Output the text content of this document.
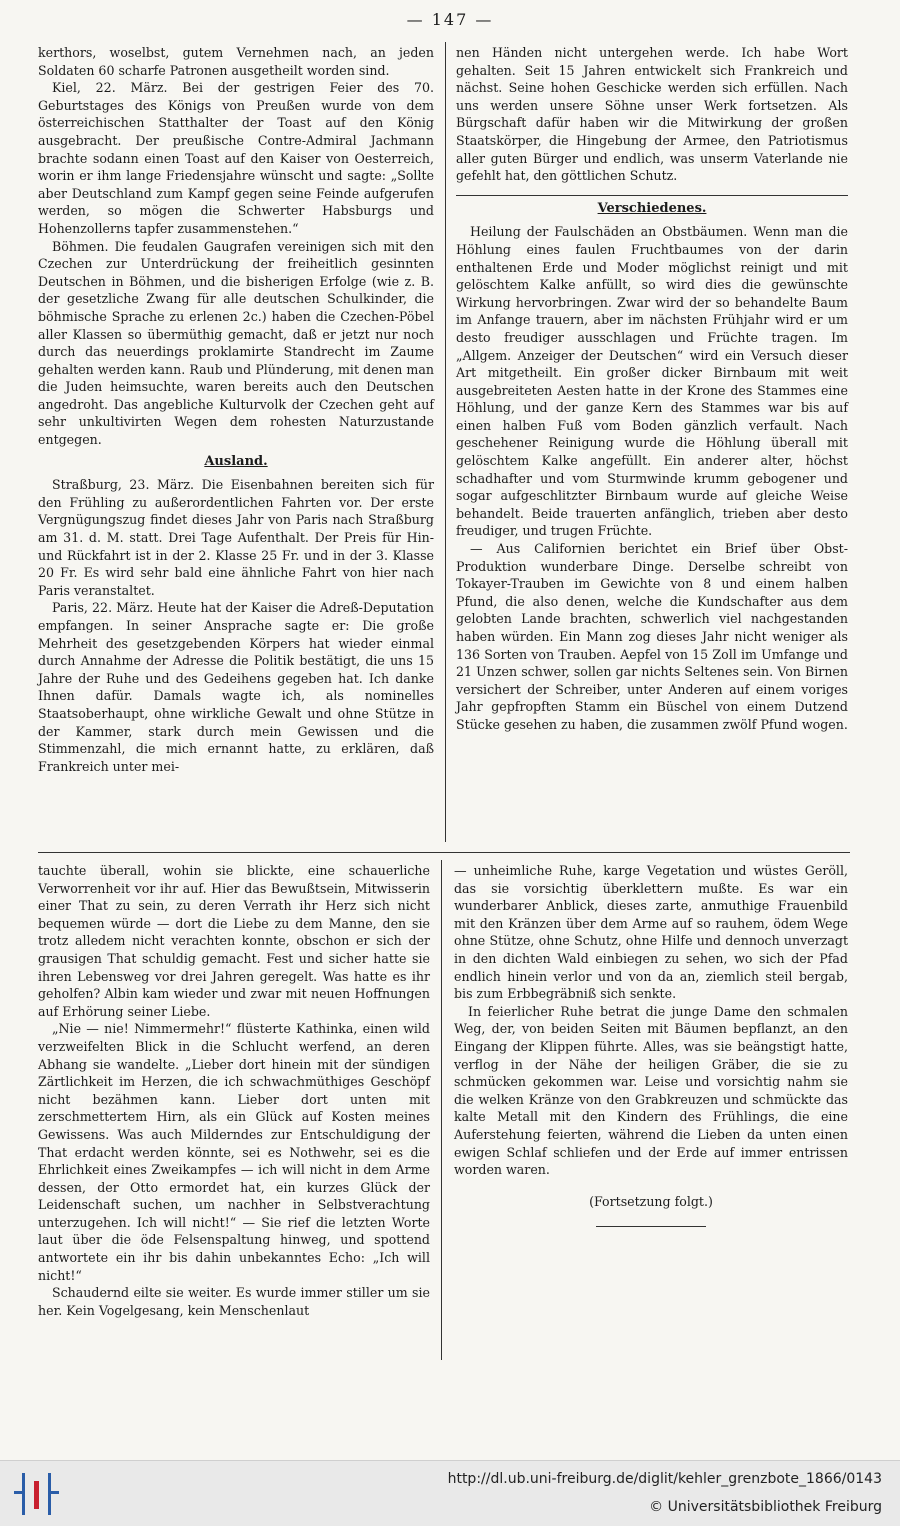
— 147 —

kerthors, woselbst, gutem Vernehmen nach, an jeden Soldaten 60 scharfe Patronen ausgetheilt worden sind.

Kiel, 22. März. Bei der gestrigen Feier des 70. Geburtstages des Königs von Preußen wurde von dem österreichischen Statthalter der Toast auf den König ausgebracht. Der preußische Contre-Admiral Jachmann brachte sodann einen Toast auf den Kaiser von Oesterreich, worin er ihm lange Friedensjahre wünscht und sagte: „Sollte aber Deutschland zum Kampf gegen seine Feinde aufgerufen werden, so mögen die Schwerter Habsburgs und Hohenzollerns tapfer zusammenstehen.“

Böhmen. Die feudalen Gaugrafen vereinigen sich mit den Czechen zur Unterdrückung der freiheitlich gesinnten Deutschen in Böhmen, und die bisherigen Erfolge (wie z. B. der gesetzliche Zwang für alle deutschen Schulkinder, die böhmische Sprache zu erlenen 2c.) haben die Czechen-Pöbel aller Klassen so übermüthig gemacht, daß er jetzt nur noch durch das neuerdings proklamirte Standrecht im Zaume gehalten werden kann. Raub und Plünderung, mit denen man die Juden heimsuchte, waren bereits auch den Deutschen angedroht. Das angebliche Kulturvolk der Czechen geht auf sehr unkultivirten Wegen dem rohesten Naturzustande entgegen.

Ausland.

Straßburg, 23. März. Die Eisenbahnen bereiten sich für den Frühling zu außerordentlichen Fahrten vor. Der erste Vergnügungszug findet dieses Jahr von Paris nach Straßburg am 31. d. M. statt. Drei Tage Aufenthalt. Der Preis für Hin- und Rückfahrt ist in der 2. Klasse 25 Fr. und in der 3. Klasse 20 Fr. Es wird sehr bald eine ähnliche Fahrt von hier nach Paris veranstaltet.

Paris, 22. März. Heute hat der Kaiser die Adreß-Deputation empfangen. In seiner Ansprache sagte er: Die große Mehrheit des gesetzgebenden Körpers hat wieder einmal durch Annahme der Adresse die Politik bestätigt, die uns 15 Jahre der Ruhe und des Gedeihens gegeben hat. Ich danke Ihnen dafür. Damals wagte ich, als nominelles Staatsoberhaupt, ohne wirkliche Gewalt und ohne Stütze in der Kammer, stark durch mein Gewissen und die Stimmenzahl, die mich ernannt hatte, zu erklären, daß Frankreich unter mei-

nen Händen nicht untergehen werde. Ich habe Wort gehalten. Seit 15 Jahren entwickelt sich Frankreich und nächst. Seine hohen Geschicke werden sich erfüllen. Nach uns werden unsere Söhne unser Werk fortsetzen. Als Bürgschaft dafür haben wir die Mitwirkung der großen Staatskörper, die Hingebung der Armee, den Patriotismus aller guten Bürger und endlich, was unserm Vaterlande nie gefehlt hat, den göttlichen Schutz.

Verschiedenes.

Heilung der Faulschäden an Obstbäumen. Wenn man die Höhlung eines faulen Fruchtbaumes von der darin enthaltenen Erde und Moder möglichst reinigt und mit gelöschtem Kalke anfüllt, so wird dies die gewünschte Wirkung hervorbringen. Zwar wird der so behandelte Baum im Anfange trauern, aber im nächsten Frühjahr wird er um desto freudiger ausschlagen und Früchte tragen. Im „Allgem. Anzeiger der Deutschen“ wird ein Versuch dieser Art mitgetheilt. Ein großer dicker Birnbaum mit weit ausgebreiteten Aesten hatte in der Krone des Stammes eine Höhlung, und der ganze Kern des Stammes war bis auf einen halben Fuß vom Boden gänzlich verfault. Nach geschehener Reinigung wurde die Höhlung überall mit gelöschtem Kalke angefüllt. Ein anderer alter, höchst schadhafter und vom Sturmwinde krumm gebogener und sogar aufgeschlitzter Birnbaum wurde auf gleiche Weise behandelt. Beide trauerten anfänglich, trieben aber desto freudiger, und trugen Früchte.

— Aus Californien berichtet ein Brief über Obst-Produktion wunderbare Dinge. Derselbe schreibt von Tokayer-Trauben im Gewichte von 8 und einem halben Pfund, die also denen, welche die Kundschafter aus dem gelobten Lande brachten, schwerlich viel nachgestanden haben würden. Ein Mann zog dieses Jahr nicht weniger als 136 Sorten von Trauben. Aepfel von 15 Zoll im Umfange und 21 Unzen schwer, sollen gar nichts Seltenes sein. Von Birnen versichert der Schreiber, unter Anderen auf einem voriges Jahr gepfropften Stamm ein Büschel von einem Dutzend Stücke gesehen zu haben, die zusammen zwölf Pfund wogen.

tauchte überall, wohin sie blickte, eine schauerliche Verworrenheit vor ihr auf. Hier das Bewußtsein, Mitwisserin einer That zu sein, zu deren Verrath ihr Herz sich nicht bequemen würde — dort die Liebe zu dem Manne, den sie trotz alledem nicht verachten konnte, obschon er sich der grausigen That schuldig gemacht. Fest und sicher hatte sie ihren Lebensweg vor drei Jahren geregelt. Was hatte es ihr geholfen? Albin kam wieder und zwar mit neuen Hoffnungen auf Erhörung seiner Liebe.

„Nie — nie! Nimmermehr!“ flüsterte Kathinka, einen wild verzweifelten Blick in die Schlucht werfend, an deren Abhang sie wandelte. „Lieber dort hinein mit der sündigen Zärtlichkeit im Herzen, die ich schwachmüthiges Geschöpf nicht bezähmen kann. Lieber dort unten mit zerschmettertem Hirn, als ein Glück auf Kosten meines Gewissens. Was auch Milderndes zur Entschuldigung der That erdacht werden könnte, sei es Nothwehr, sei es die Ehrlichkeit eines Zweikampfes — ich will nicht in dem Arme dessen, der Otto ermordet hat, ein kurzes Glück der Leidenschaft suchen, um nachher in Selbstverachtung unterzugehen. Ich will nicht!“ — Sie rief die letzten Worte laut über die öde Felsenspaltung hinweg, und spottend antwortete ein ihr bis dahin unbekanntes Echo: „Ich will nicht!“

Schaudernd eilte sie weiter. Es wurde immer stiller um sie her. Kein Vogelgesang, kein Menschenlaut

— unheimliche Ruhe, karge Vegetation und wüstes Geröll, das sie vorsichtig überklettern mußte. Es war ein wunderbarer Anblick, dieses zarte, anmuthige Frauenbild mit den Kränzen über dem Arme auf so rauhem, ödem Wege ohne Stütze, ohne Schutz, ohne Hilfe und dennoch unverzagt in den dichten Wald einbiegen zu sehen, wo sich der Pfad endlich hinein verlor und von da an, ziemlich steil bergab, bis zum Erbbegräbniß sich senkte.

In feierlicher Ruhe betrat die junge Dame den schmalen Weg, der, von beiden Seiten mit Bäumen bepflanzt, an den Eingang der Klippen führte. Alles, was sie beängstigt hatte, verflog in der Nähe der heiligen Gräber, die sie zu schmücken gekommen war. Leise und vorsichtig nahm sie die welken Kränze von den Grabkreuzen und schmückte das kalte Metall mit den Kindern des Frühlings, die eine Auferstehung feierten, während die Lieben da unten einen ewigen Schlaf schliefen und der Erde auf immer entrissen worden waren.

(Fortsetzung folgt.)
http://dl.ub.uni-freiburg.de/diglit/kehler_grenzbote_1866/0143
© Universitätsbibliothek Freiburg
